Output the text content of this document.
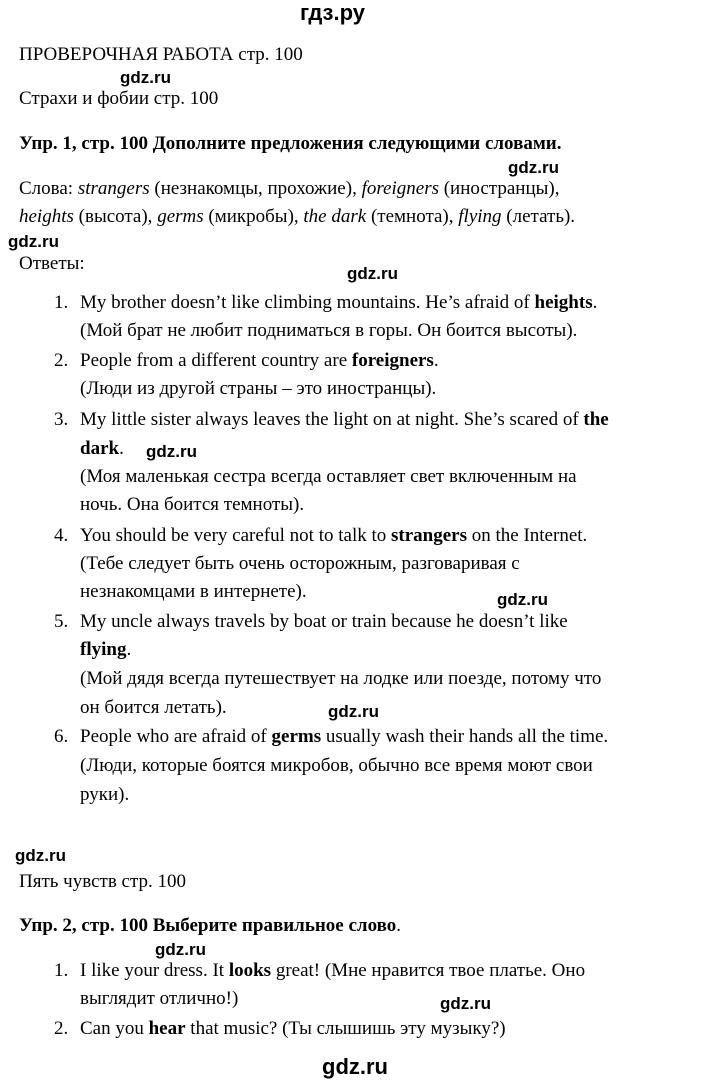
гдз.ру
ПРОВЕРОЧНАЯ РАБОТА стр. 100
gdz.ru
Страхи и фобии стр. 100
Упр. 1, стр. 100 Дополните предложения следующими словами.
gdz.ru
Слова: strangers (незнакомцы, прохожие), foreigners (иностранцы),
heights (высота), germs (микробы), the dark (темнота), flying (летать).
gdz.ru
Ответы:	gdz.ru
1. My brother doesn’t like climbing mountains. He’s afraid of heights.
(Мой брат не любит подниматься в горы. Он боится высоты).
2. People from a different country are foreigners.
(Люди из другой страны – это иностранцы).
3. My little sister always leaves the light on at night. She’s scared of the
dark.
(Моя маленькая сестра всегда оставляет свет включенным на
ночь. Она боится темноты).
gdz.ru
4. You should be very careful not to talk to strangers on the Internet.
(Тебе следует быть очень осторожным, разговаривая с
незнакомцами в интернете).	gdz.ru
5. My uncle always travels by boat or train because he doesn’t like
flying.
(Мой дядя всегда путешествует на лодке или поезде, потому что
он боится летать).	gdz.ru
6. People who are afraid of germs usually wash their hands all the time.
(Люди, которые боятся микробов, обычно все время моют свои
руки).
gdz.ru
Пять чувств стр. 100
Упр. 2, стр. 100 Выберите правильное слово.
gdz.ru
1. I like your dress. It looks great! (Мне нравится твое платье. Оно
выглядит отлично!)	gdz.ru
2. Can you hear that music? (Ты слышишь эту музыку?)
gdz.ru
